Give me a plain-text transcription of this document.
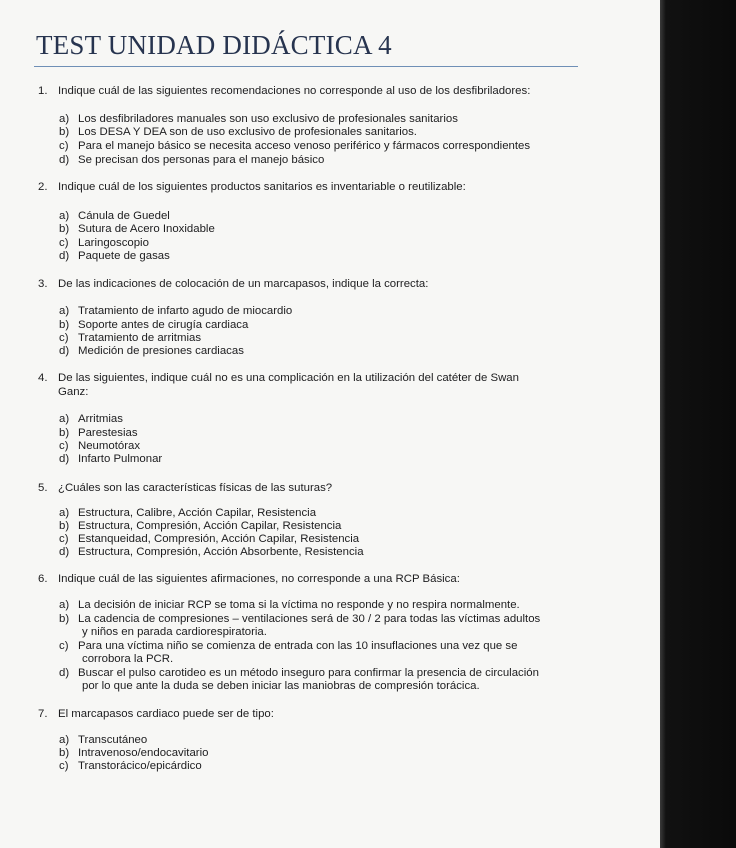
TEST UNIDAD DIDÁCTICA 4
1. Indique cuál de las siguientes recomendaciones no corresponde al uso de los desfibriladores:
a) Los desfibriladores manuales son uso exclusivo de profesionales sanitarios
b) Los DESA Y DEA son de uso exclusivo de profesionales sanitarios.
c) Para el manejo básico se necesita acceso venoso periférico y fármacos correspondientes
d) Se precisan dos personas para el manejo básico
2. Indique cuál de los siguientes productos sanitarios es inventariable o reutilizable:
a) Cánula de Guedel
b) Sutura de Acero Inoxidable
c) Laringoscopio
d) Paquete de gasas
3. De las indicaciones de colocación de un marcapasos, indique la correcta:
a) Tratamiento de infarto agudo de miocardio
b) Soporte antes de cirugía cardiaca
c) Tratamiento de arritmias
d) Medición de presiones cardiacas
4. De las siguientes, indique cuál no es una complicación en la utilización del catéter de Swan
Ganz:
a) Arritmias
b) Parestesias
c) Neumotórax
d) Infarto Pulmonar
5. ¿Cuáles son las características físicas de las suturas?
a) Estructura, Calibre, Acción Capilar, Resistencia
b) Estructura, Compresión, Acción Capilar, Resistencia
c) Estanqueidad, Compresión, Acción Capilar, Resistencia
d) Estructura, Compresión, Acción Absorbente, Resistencia
6. Indique cuál de las siguientes afirmaciones, no corresponde a una RCP Básica:
a) La decisión de iniciar RCP se toma si la víctima no responde y no respira normalmente.
b) La cadencia de compresiones – ventilaciones será de 30 / 2 para todas las víctimas adultos
y niños en parada cardiorespiratoria.
c) Para una víctima niño se comienza de entrada con las 10 insuflaciones una vez que se
corrobora la PCR.
d) Buscar el pulso carotideo es un método inseguro para confirmar la presencia de circulación
por lo que ante la duda se deben iniciar las maniobras de compresión torácica.
7. El marcapasos cardiaco puede ser de tipo:
a) Transcutáneo
b) Intravenoso/endocavitario
c) Transtorácico/epicárdico
